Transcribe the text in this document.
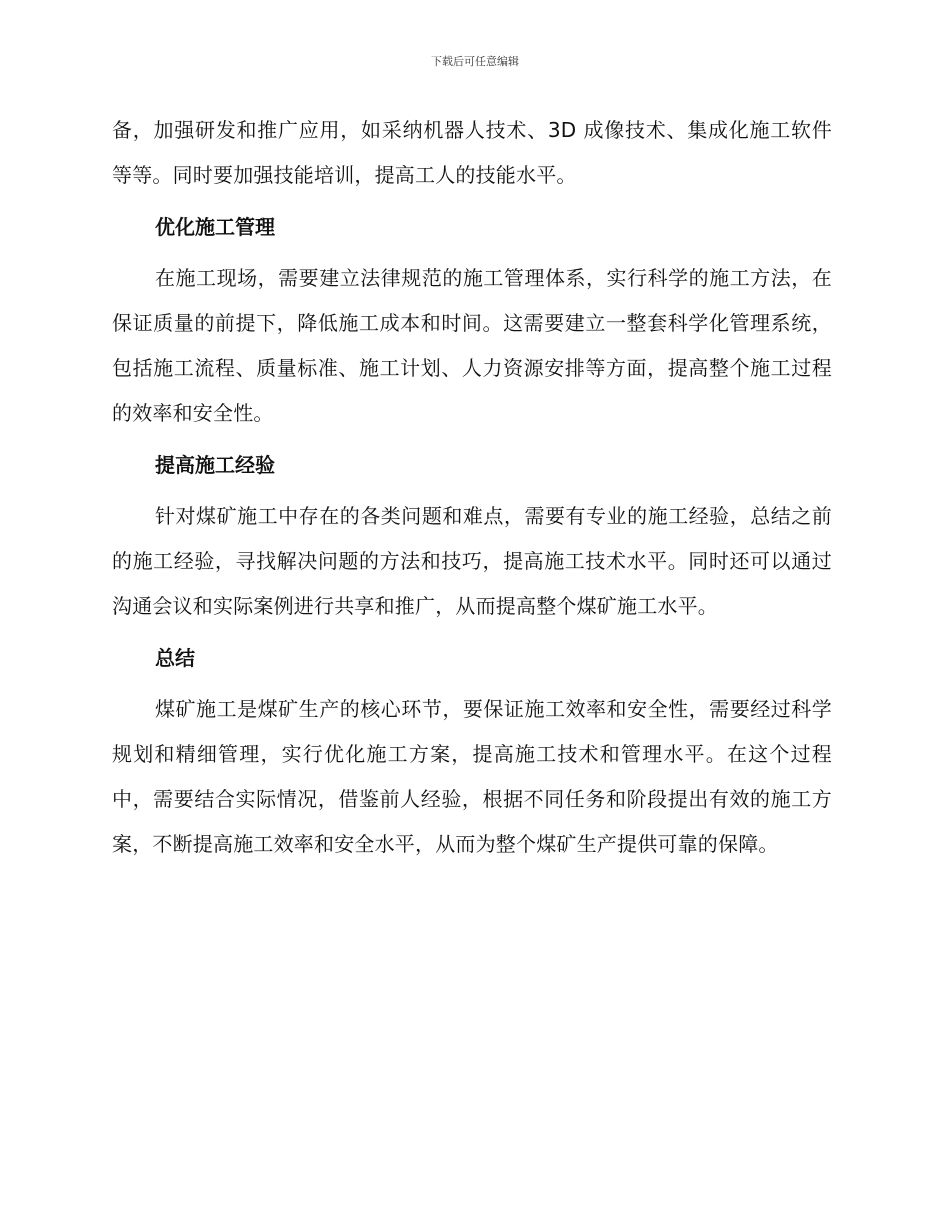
下载后可任意编辑

备，加强研发和推广应用，如采纳机器人技术、3D 成像技术、集成化施工软件等等。同时要加强技能培训，提高工人的技能水平。

优化施工管理

在施工现场，需要建立法律规范的施工管理体系，实行科学的施工方法，在保证质量的前提下，降低施工成本和时间。这需要建立一整套科学化管理系统，包括施工流程、质量标准、施工计划、人力资源安排等方面，提高整个施工过程的效率和安全性。

提高施工经验

针对煤矿施工中存在的各类问题和难点，需要有专业的施工经验，总结之前的施工经验，寻找解决问题的方法和技巧，提高施工技术水平。同时还可以通过沟通会议和实际案例进行共享和推广，从而提高整个煤矿施工水平。

总结

煤矿施工是煤矿生产的核心环节，要保证施工效率和安全性，需要经过科学规划和精细管理，实行优化施工方案，提高施工技术和管理水平。在这个过程中，需要结合实际情况，借鉴前人经验，根据不同任务和阶段提出有效的施工方案，不断提高施工效率和安全水平，从而为整个煤矿生产提供可靠的保障。
